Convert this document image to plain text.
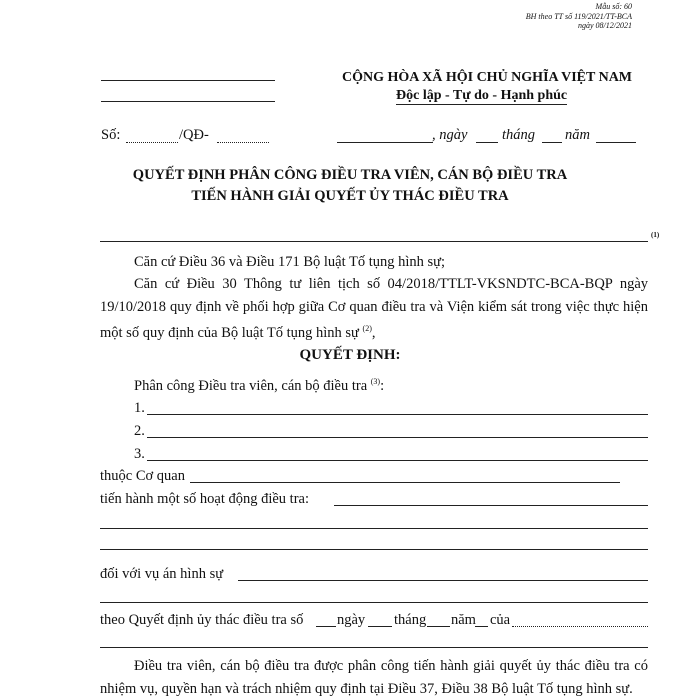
Mẫu số: 60
BH theo TT số 119/2021/TT-BCA
ngày 08/12/2021
CỘNG HÒA XÃ HỘI CHỦ NGHĨA VIỆT NAM
Độc lập - Tự do - Hạnh phúc
Số:	/QĐ-	, ngày tháng năm
QUYẾT ĐỊNH PHÂN CÔNG ĐIỀU TRA VIÊN, CÁN BỘ ĐIỀU TRA
TIẾN HÀNH GIẢI QUYẾT ỦY THÁC ĐIỀU TRA
(1)
Căn cứ Điều 36 và Điều 171 Bộ luật Tố tụng hình sự;
Căn cứ Điều 30 Thông tư liên tịch số 04/2018/TTLT-VKSNDTC-BCA-BQP ngày 19/10/2018 quy định về phối hợp giữa Cơ quan điều tra và Viện kiểm sát trong việc thực hiện một số quy định của Bộ luật Tố tụng hình sự $^{(2)}$,
QUYẾT ĐỊNH:
Phân công Điều tra viên, cán bộ điều tra $^{(3)}$:
1.
2.
3.
thuộc Cơ quan
tiến hành một số hoạt động điều tra:
đối với vụ án hình sự
theo Quyết định ủy thác điều tra số ngày tháng năm của
Điều tra viên, cán bộ điều tra được phân công tiến hành giải quyết ủy thác điều tra có nhiệm vụ, quyền hạn và trách nhiệm quy định tại Điều 37, Điều 38 Bộ luật Tố tụng hình sự.
